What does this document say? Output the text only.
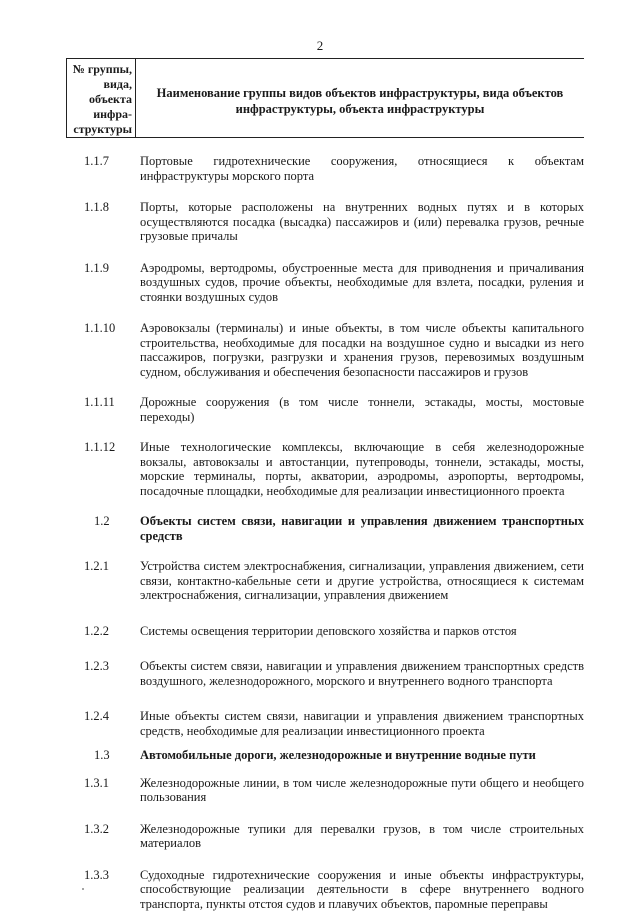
2
№ группы,
вида,
объекта
инфра-
структуры
Наименование группы видов объектов инфраструктуры, вида объектов инфраструктуры, объекта инфраструктуры
1.1.7	Портовые гидротехнические сооружения, относящиеся к объектам инфраструктуры морского порта
1.1.8	Порты, которые расположены на внутренних водных путях и в которых осуществляются посадка (высадка) пассажиров и (или) перевалка грузов, речные грузовые причалы
1.1.9	Аэродромы, вертодромы, обустроенные места для приводнения и причаливания воздушных судов, прочие объекты, необходимые для взлета, посадки, руления и стоянки воздушных судов
1.1.10	Аэровокзалы (терминалы) и иные объекты, в том числе объекты капитального строительства, необходимые для посадки на воздушное судно и высадки из него пассажиров, погрузки, разгрузки и хранения грузов, перевозимых воздушным судном, обслуживания и обеспечения безопасности пассажиров и грузов
1.1.11	Дорожные сооружения (в том числе тоннели, эстакады, мосты, мостовые переходы)
1.1.12	Иные технологические комплексы, включающие в себя железнодорожные вокзалы, автовокзалы и автостанции, путепроводы, тоннели, эстакады, мосты, морские терминалы, порты, акватории, аэродромы, аэропорты, вертодромы, посадочные площадки, необходимые для реализации инвестиционного проекта
1.2	Объекты систем связи, навигации и управления движением транспортных средств
1.2.1	Устройства систем электроснабжения, сигнализации, управления движением, сети связи, контактно-кабельные сети и другие устройства, относящиеся к системам электроснабжения, сигнализации, управления движением
1.2.2	Системы освещения территории деповского хозяйства и парков отстоя
1.2.3	Объекты систем связи, навигации и управления движением транспортных средств воздушного, железнодорожного, морского и внутреннего водного транспорта
1.2.4	Иные объекты систем связи, навигации и управления движением транспортных средств, необходимые для реализации инвестиционного проекта
1.3	Автомобильные дороги, железнодорожные и внутренние водные пути
1.3.1	Железнодорожные линии, в том числе железнодорожные пути общего и необщего пользования
1.3.2	Железнодорожные тупики для перевалки грузов, в том числе строительных материалов
1.3.3	Судоходные гидротехнические сооружения и иные объекты инфраструктуры, способствующие реализации деятельности в сфере внутреннего водного транспорта, пункты отстоя судов и плавучих объектов, паромные переправы
